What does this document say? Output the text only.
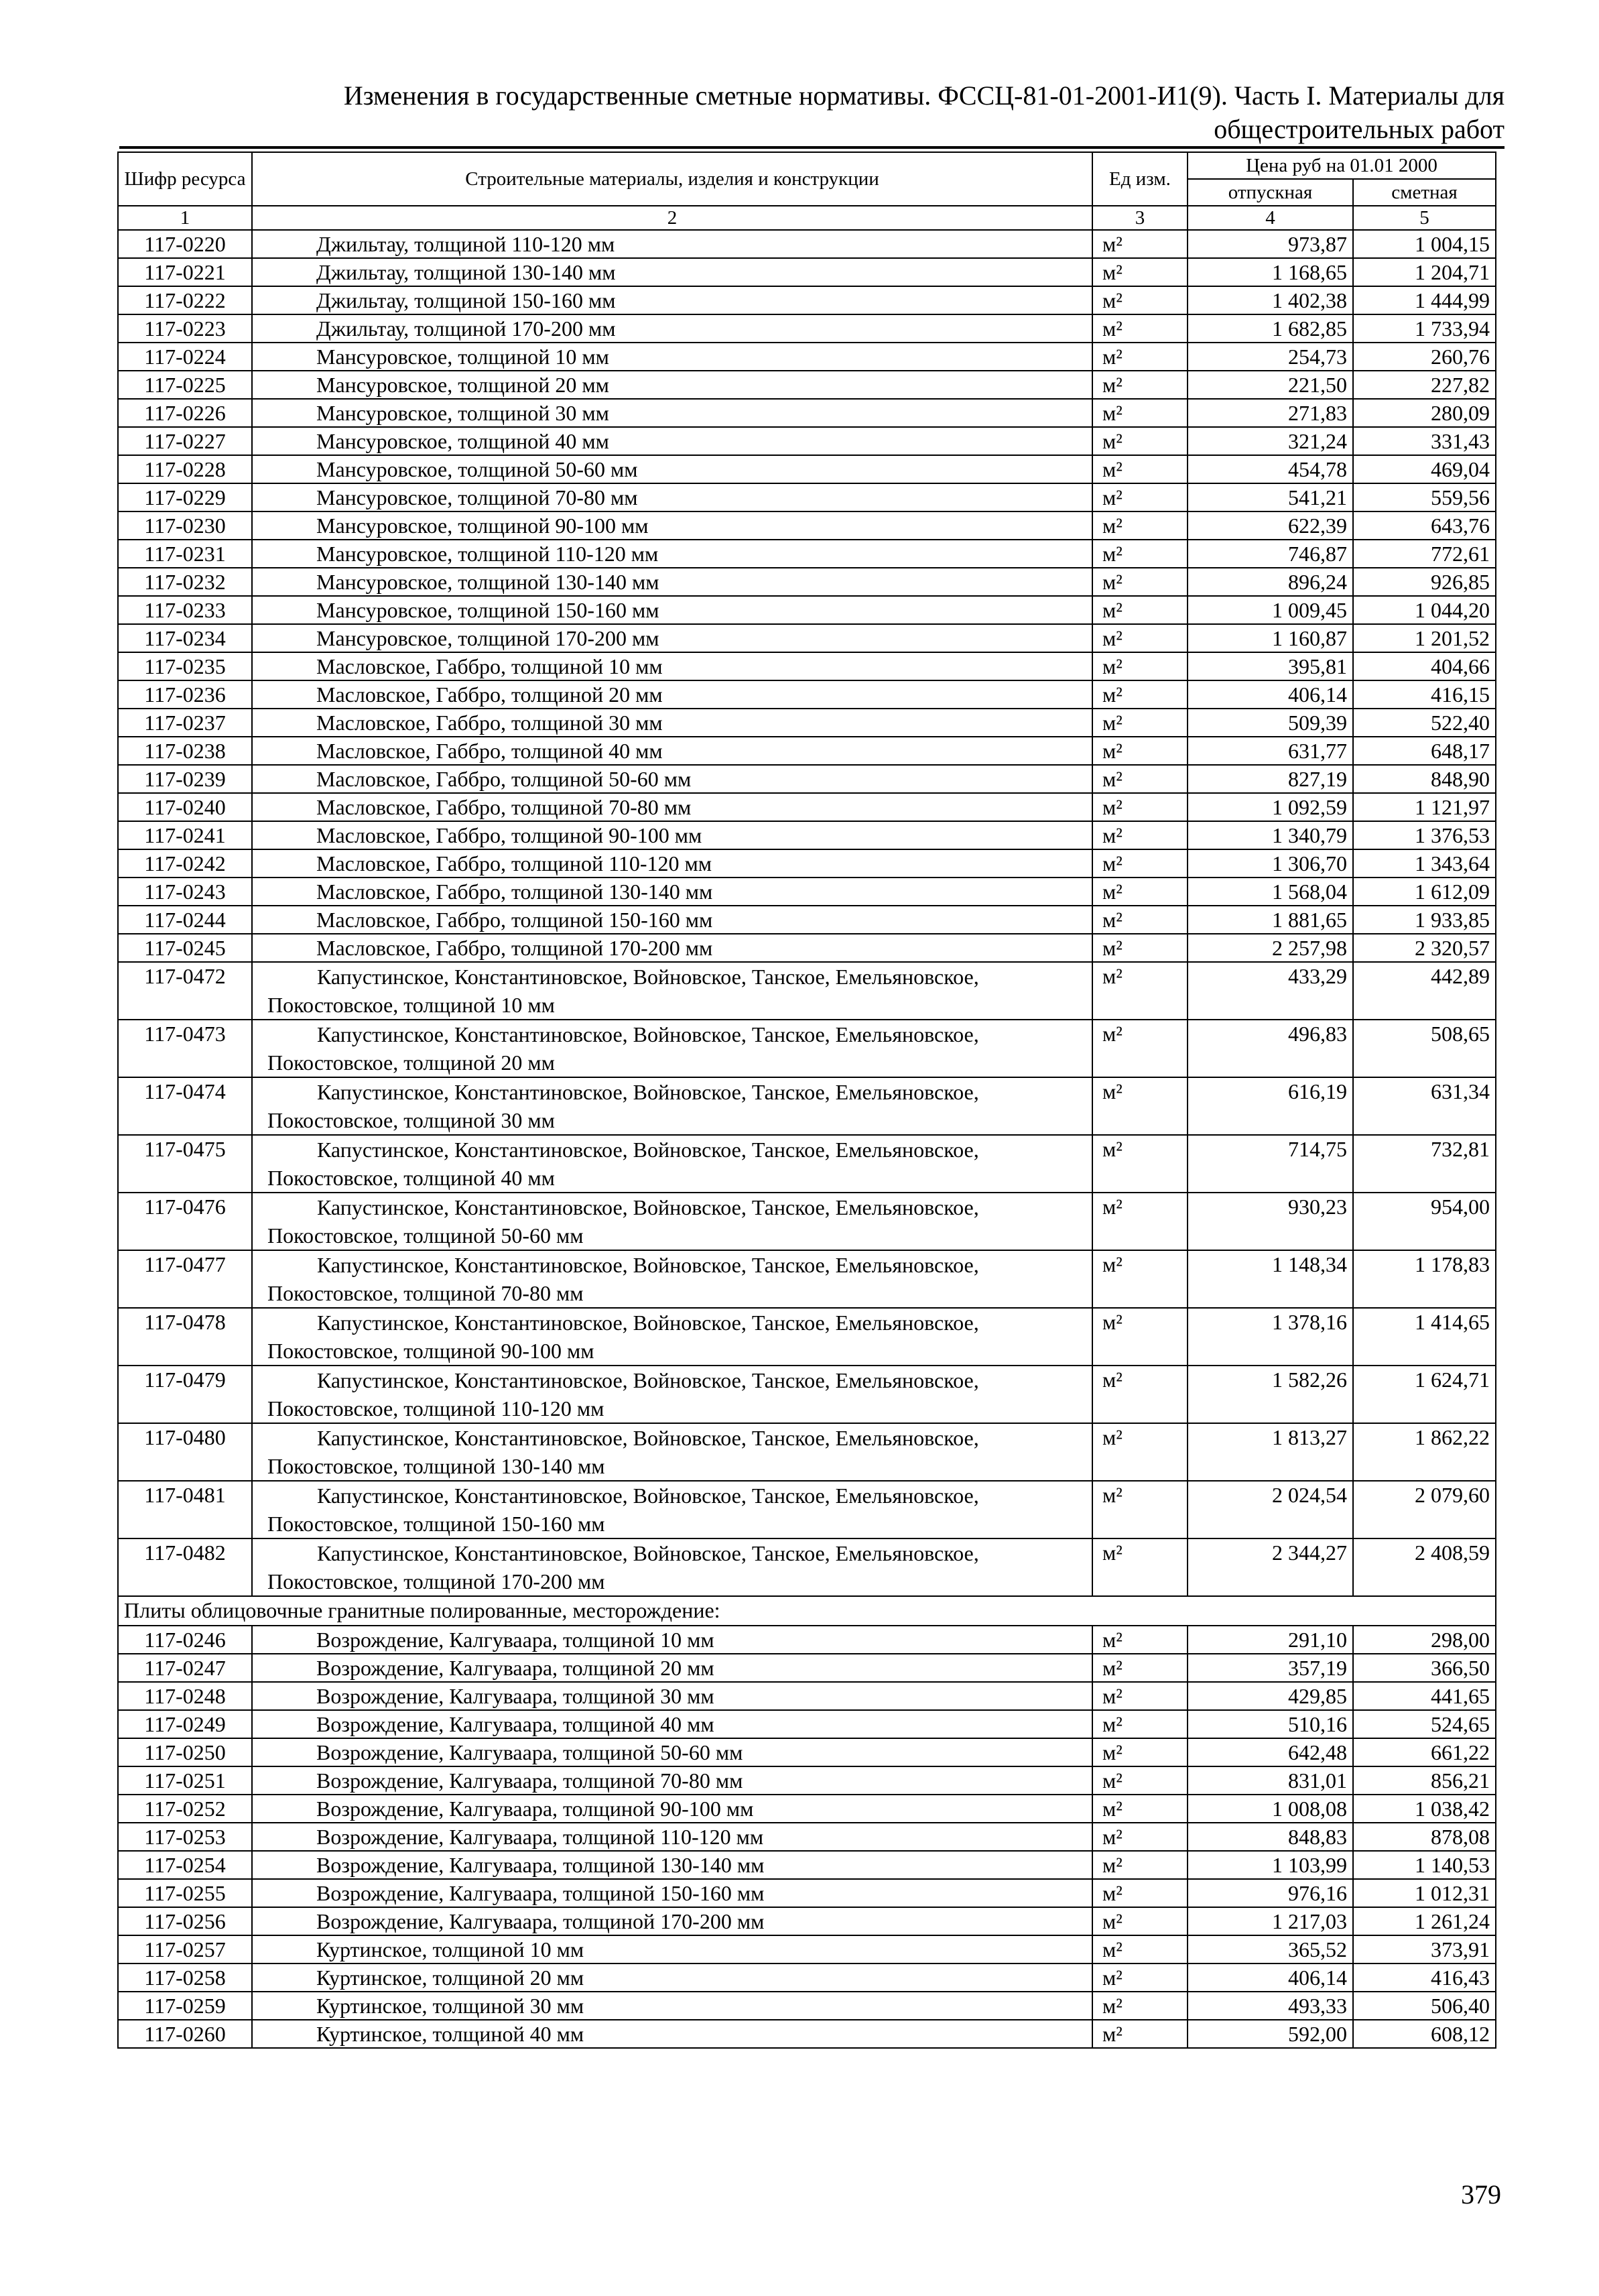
Изменения в государственные сметные нормативы. ФССЦ-81-01-2001-И1(9). Часть I. Материалы для
общестроительных работ
Шифр ресурса	Строительные материалы, изделия и конструкции	Ед изм.	Цена руб на 01.01 2000	
			отпускная	сметная
1	2	3	4	5
117-0220	Джильтау, толщиной 110-120 мм	м²	973,87	1 004,15
117-0221	Джильтау, толщиной 130-140 мм	м²	1 168,65	1 204,71
117-0222	Джильтау, толщиной 150-160 мм	м²	1 402,38	1 444,99
117-0223	Джильтау, толщиной 170-200 мм	м²	1 682,85	1 733,94
117-0224	Мансуровское, толщиной 10 мм	м²	254,73	260,76
117-0225	Мансуровское, толщиной 20 мм	м²	221,50	227,82
117-0226	Мансуровское, толщиной 30 мм	м²	271,83	280,09
117-0227	Мансуровское, толщиной 40 мм	м²	321,24	331,43
117-0228	Мансуровское, толщиной 50-60 мм	м²	454,78	469,04
117-0229	Мансуровское, толщиной 70-80 мм	м²	541,21	559,56
117-0230	Мансуровское, толщиной 90-100 мм	м²	622,39	643,76
117-0231	Мансуровское, толщиной 110-120 мм	м²	746,87	772,61
117-0232	Мансуровское, толщиной 130-140 мм	м²	896,24	926,85
117-0233	Мансуровское, толщиной 150-160 мм	м²	1 009,45	1 044,20
117-0234	Мансуровское, толщиной 170-200 мм	м²	1 160,87	1 201,52
117-0235	Масловское, Габбро, толщиной 10 мм	м²	395,81	404,66
117-0236	Масловское, Габбро, толщиной 20 мм	м²	406,14	416,15
117-0237	Масловское, Габбро, толщиной 30 мм	м²	509,39	522,40
117-0238	Масловское, Габбро, толщиной 40 мм	м²	631,77	648,17
117-0239	Масловское, Габбро, толщиной 50-60 мм	м²	827,19	848,90
117-0240	Масловское, Габбро, толщиной 70-80 мм	м²	1 092,59	1 121,97
117-0241	Масловское, Габбро, толщиной 90-100 мм	м²	1 340,79	1 376,53
117-0242	Масловское, Габбро, толщиной 110-120 мм	м²	1 306,70	1 343,64
117-0243	Масловское, Габбро, толщиной 130-140 мм	м²	1 568,04	1 612,09
117-0244	Масловское, Габбро, толщиной 150-160 мм	м²	1 881,65	1 933,85
117-0245	Масловское, Габбро, толщиной 170-200 мм	м²	2 257,98	2 320,57
117-0472	Капустинское, Константиновское, Войновское, Танское, Емельяновское, Покостовское, толщиной 10 мм	м²	433,29	442,89
117-0473	Капустинское, Константиновское, Войновское, Танское, Емельяновское, Покостовское, толщиной 20 мм	м²	496,83	508,65
117-0474	Капустинское, Константиновское, Войновское, Танское, Емельяновское, Покостовское, толщиной 30 мм	м²	616,19	631,34
117-0475	Капустинское, Константиновское, Войновское, Танское, Емельяновское, Покостовское, толщиной 40 мм	м²	714,75	732,81
117-0476	Капустинское, Константиновское, Войновское, Танское, Емельяновское, Покостовское, толщиной 50-60 мм	м²	930,23	954,00
117-0477	Капустинское, Константиновское, Войновское, Танское, Емельяновское, Покостовское, толщиной 70-80 мм	м²	1 148,34	1 178,83
117-0478	Капустинское, Константиновское, Войновское, Танское, Емельяновское, Покостовское, толщиной 90-100 мм	м²	1 378,16	1 414,65
117-0479	Капустинское, Константиновское, Войновское, Танское, Емельяновское, Покостовское, толщиной 110-120 мм	м²	1 582,26	1 624,71
117-0480	Капустинское, Константиновское, Войновское, Танское, Емельяновское, Покостовское, толщиной 130-140 мм	м²	1 813,27	1 862,22
117-0481	Капустинское, Константиновское, Войновское, Танское, Емельяновское, Покостовское, толщиной 150-160 мм	м²	2 024,54	2 079,60
117-0482	Капустинское, Константиновское, Войновское, Танское, Емельяновское, Покостовское, толщиной 170-200 мм	м²	2 344,27	2 408,59
Плиты облицовочные гранитные полированные, месторождение:				
117-0246	Возрождение, Калгуваара, толщиной 10 мм	м²	291,10	298,00
117-0247	Возрождение, Калгуваара, толщиной 20 мм	м²	357,19	366,50
117-0248	Возрождение, Калгуваара, толщиной 30 мм	м²	429,85	441,65
117-0249	Возрождение, Калгуваара, толщиной 40 мм	м²	510,16	524,65
117-0250	Возрождение, Калгуваара, толщиной 50-60 мм	м²	642,48	661,22
117-0251	Возрождение, Калгуваара, толщиной 70-80 мм	м²	831,01	856,21
117-0252	Возрождение, Калгуваара, толщиной 90-100 мм	м²	1 008,08	1 038,42
117-0253	Возрождение, Калгуваара, толщиной 110-120 мм	м²	848,83	878,08
117-0254	Возрождение, Калгуваара, толщиной 130-140 мм	м²	1 103,99	1 140,53
117-0255	Возрождение, Калгуваара, толщиной 150-160 мм	м²	976,16	1 012,31
117-0256	Возрождение, Калгуваара, толщиной 170-200 мм	м²	1 217,03	1 261,24
117-0257	Куртинское, толщиной 10 мм	м²	365,52	373,91
117-0258	Куртинское, толщиной 20 мм	м²	406,14	416,43
117-0259	Куртинское, толщиной 30 мм	м²	493,33	506,40
117-0260	Куртинское, толщиной 40 мм	м²	592,00	608,12
379
